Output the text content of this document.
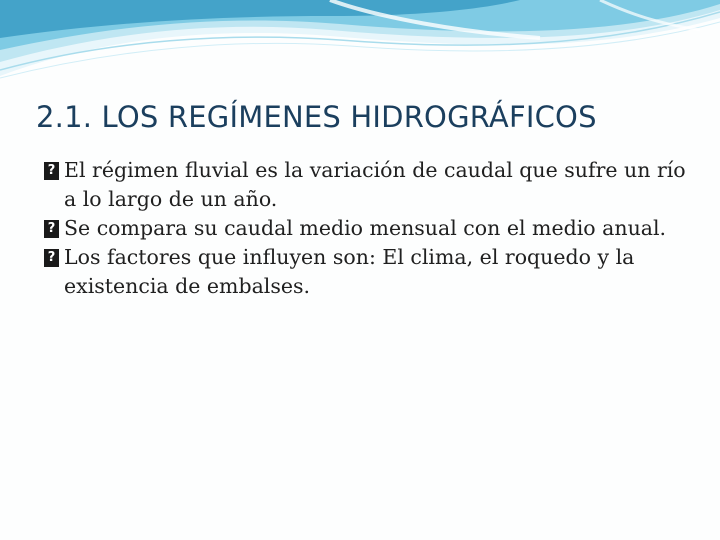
2.1. LOS REGÍMENES HIDROGRÁFICOS
?
El régimen fluvial es la variación de caudal que sufre un río a lo largo de un año.
?
Se compara su caudal medio mensual con el medio anual.
?
Los factores que influyen son: El clima, el roquedo y la existencia de embalses.
